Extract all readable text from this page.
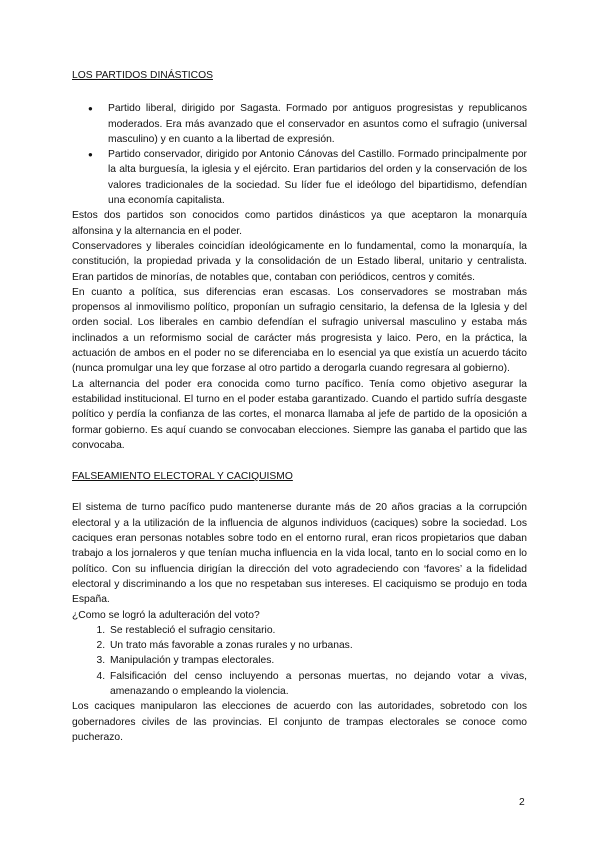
LOS PARTIDOS DINÁSTICOS
● Partido liberal, dirigido por Sagasta. Formado por antiguos progresistas y republicanos moderados. Era más avanzado que el conservador en asuntos como el sufragio (universal masculino) y en cuanto a la libertad de expresión.
● Partido conservador, dirigido por Antonio Cánovas del Castillo. Formado principalmente por la alta burguesía, la iglesia y el ejército. Eran partidarios del orden y la conservación de los valores tradicionales de la sociedad. Su líder fue el ideólogo del bipartidismo, defendían una economía capitalista.

Estos dos partidos son conocidos como partidos dinásticos ya que aceptaron la monarquía alfonsina y la alternancia en el poder.

Conservadores y liberales coincidían ideológicamente en lo fundamental, como la monarquía, la constitución, la propiedad privada y la consolidación de un Estado liberal, unitario y centralista. Eran partidos de minorías, de notables que, contaban con periódicos, centros y comités.

En cuanto a política, sus diferencias eran escasas. Los conservadores se mostraban más propensos al inmovilismo político, proponían un sufragio censitario, la defensa de la Iglesia y del orden social. Los liberales en cambio defendían el sufragio universal masculino y estaba más inclinados a un reformismo social de carácter más progresista y laico. Pero, en la práctica, la actuación de ambos en el poder no se diferenciaba en lo esencial ya que existía un acuerdo tácito (nunca promulgar una ley que forzase al otro partido a derogarla cuando regresara al gobierno).

La alternancia del poder era conocida como turno pacífico. Tenía como objetivo asegurar la estabilidad institucional. El turno en el poder estaba garantizado. Cuando el partido sufría desgaste político y perdía la confianza de las cortes, el monarca llamaba al jefe de partido de la oposición a formar gobierno. Es aquí cuando se convocaban elecciones. Siempre las ganaba el partido que las convocaba.

FALSEAMIENTO ELECTORAL Y CACIQUISMO

El sistema de turno pacífico pudo mantenerse durante más de 20 años gracias a la corrupción electoral y a la utilización de la influencia de algunos individuos (caciques) sobre la sociedad. Los caciques eran personas notables sobre todo en el entorno rural, eran ricos propietarios que daban trabajo a los jornaleros y que tenían mucha influencia en la vida local, tanto en lo social como en lo político. Con su influencia dirigían la dirección del voto agradeciendo con ‘favores’ a la fidelidad electoral y discriminando a los que no respetaban sus intereses. El caciquismo se produjo en toda España.

¿Como se logró la adulteración del voto?

1. Se restableció el sufragio censitario.
2. Un trato más favorable a zonas rurales y no urbanas.
3. Manipulación y trampas electorales.
4. Falsificación del censo incluyendo a personas muertas, no dejando votar a vivas, amenazando o empleando la violencia.

Los caciques manipularon las elecciones de acuerdo con las autoridades, sobretodo con los gobernadores civiles de las provincias. El conjunto de trampas electorales se conoce como pucherazo.

2
